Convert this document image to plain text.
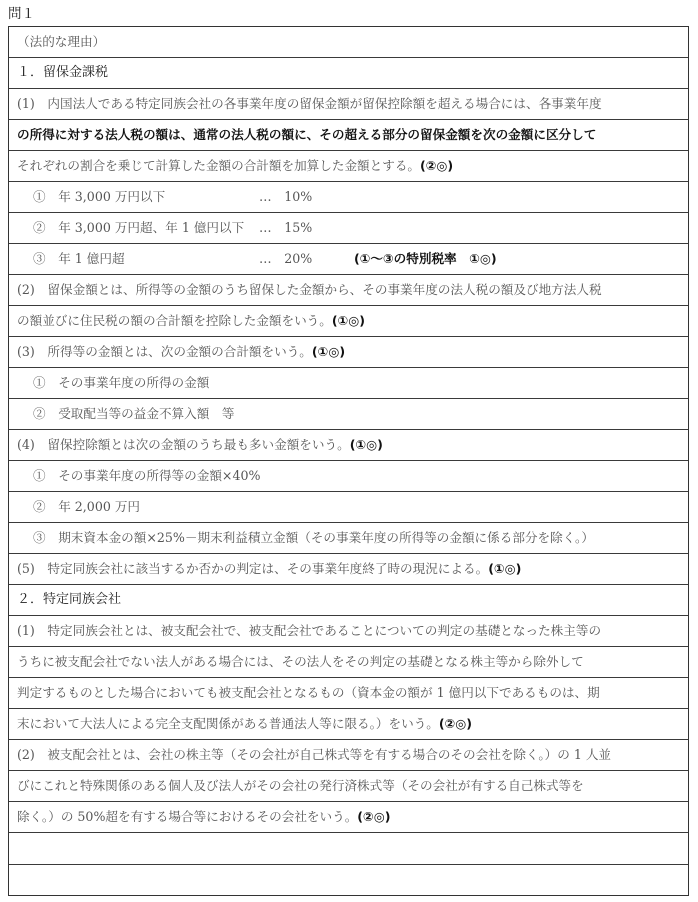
問１
（法的な理由）
１．留保金課税
(1)　内国法人である特定同族会社の各事業年度の留保金額が留保控除額を超える場合には、各事業年度
の所得に対する法人税の額は、通常の法人税の額に、その超える部分の留保金額を次の金額に区分して
それぞれの割合を乗じて計算した金額の合計額を加算した金額とする。(②◎)
①　年 3,000 万円以下	…　10%
②　年 3,000 万円超、年 1 億円以下 …　15%
③　年 1 億円超	…　20%	(①～③の特別税率　①◎)
(2)　留保金額とは、所得等の金額のうち留保した金額から、その事業年度の法人税の額及び地方法人税
の額並びに住民税の額の合計額を控除した金額をいう。(①◎)
(3)　所得等の金額とは、次の金額の合計額をいう。(①◎)
①　その事業年度の所得の金額
②　受取配当等の益金不算入額　等
(4)　留保控除額とは次の金額のうち最も多い金額をいう。(①◎)
①　その事業年度の所得等の金額×40%
②　年 2,000 万円
③　期末資本金の額×25%－期末利益積立金額（その事業年度の所得等の金額に係る部分を除く。）
(5)　特定同族会社に該当するか否かの判定は、その事業年度終了時の現況による。(①◎)
２．特定同族会社
(1)　特定同族会社とは、被支配会社で、被支配会社であることについての判定の基礎となった株主等の
うちに被支配会社でない法人がある場合には、その法人をその判定の基礎となる株主等から除外して
判定するものとした場合においても被支配会社となるもの（資本金の額が 1 億円以下であるものは、期
末において大法人による完全支配関係がある普通法人等に限る。）をいう。(②◎)
(2)　被支配会社とは、会社の株主等（その会社が自己株式等を有する場合のその会社を除く。）の 1 人並
びにこれと特殊関係のある個人及び法人がその会社の発行済株式等（その会社が有する自己株式等を
除く。）の 50%超を有する場合等におけるその会社をいう。(②◎)
